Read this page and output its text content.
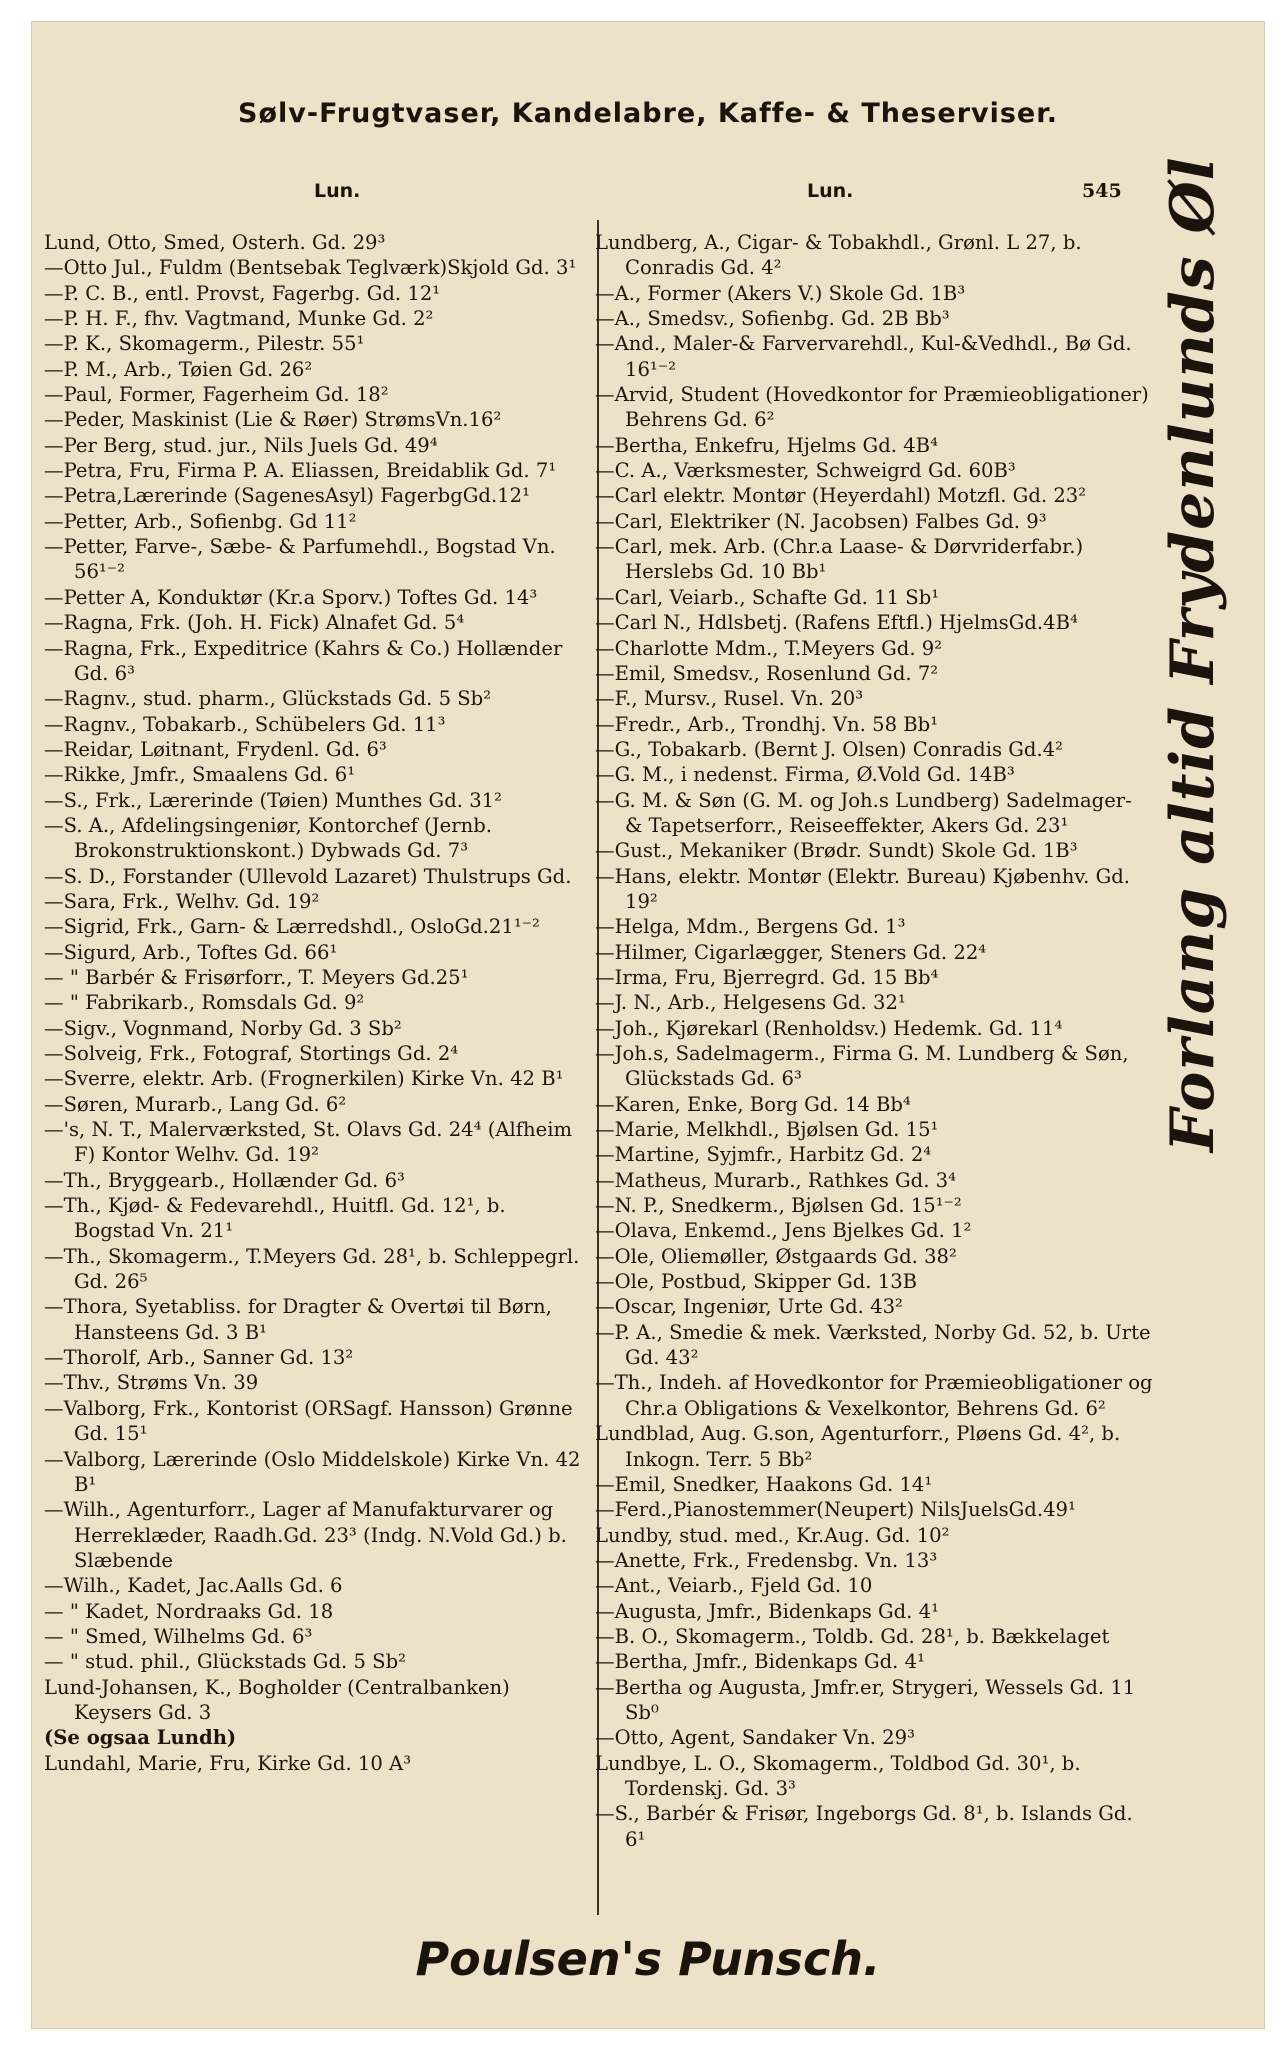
Sølv-Frugtvaser, Kandelabre, Kaffe- & Theserviser.
Lun.	Lun.	545
Lund, Otto, Smed, Osterh. Gd. 29³
—Otto Jul., Fuldm (Bentsebak Teglværk)Skjold Gd. 3¹
—P. C. B., entl. Provst, Fagerbg. Gd. 12¹
—P. H. F., fhv. Vagtmand, Munke Gd. 2²
—P. K., Skomagerm., Pilestr. 55¹
—P. M., Arb., Tøien Gd. 26²
—Paul, Former, Fagerheim Gd. 18²
—Peder, Maskinist (Lie & Røer) StrømsVn.16²
—Per Berg, stud. jur., Nils Juels Gd. 49⁴
—Petra, Fru, Firma P. A. Eliassen, Breidablik Gd. 7¹
—Petra,Lærerinde (SagenesAsyl) FagerbgGd.12¹
—Petter, Arb., Sofienbg. Gd 11²
—Petter, Farve-, Sæbe- & Parfumehdl., Bogstad Vn. 56¹⁻²
—Petter A, Konduktør (Kr.a Sporv.) Toftes Gd. 14³
—Ragna, Frk. (Joh. H. Fick) Alnafet Gd. 5⁴
—Ragna, Frk., Expeditrice (Kahrs & Co.) Hollænder Gd. 6³
—Ragnv., stud. pharm., Glückstads Gd. 5 Sb²
—Ragnv., Tobakarb., Schübelers Gd. 11³
—Reidar, Løitnant, Frydenl. Gd. 6³
—Rikke, Jmfr., Smaalens Gd. 6¹
—S., Frk., Lærerinde (Tøien) Munthes Gd. 31²
—S. A., Afdelingsingeniør, Kontorchef (Jernb. Brokonstruktionskont.) Dybwads Gd. 7³
—S. D., Forstander (Ullevold Lazaret) Thulstrups Gd.
—Sara, Frk., Welhv. Gd. 19²
—Sigrid, Frk., Garn- & Lærredshdl., OsloGd.21¹⁻²
—Sigurd, Arb., Toftes Gd. 66¹
— " Barbér & Frisørforr., T. Meyers Gd.25¹
— " Fabrikarb., Romsdals Gd. 9²
—Sigv., Vognmand, Norby Gd. 3 Sb²
—Solveig, Frk., Fotograf, Stortings Gd. 2⁴
—Sverre, elektr. Arb. (Frognerkilen) Kirke Vn. 42 B¹
—Søren, Murarb., Lang Gd. 6²
—'s, N. T., Malerværksted, St. Olavs Gd. 24⁴ (Alfheim F) Kontor Welhv. Gd. 19²
—Th., Bryggearb., Hollænder Gd. 6³
—Th., Kjød- & Fedevarehdl., Huitfl. Gd. 12¹, b. Bogstad Vn. 21¹
—Th., Skomagerm., T.Meyers Gd. 28¹, b. Schleppegrl. Gd. 26⁵
—Thora, Syetabliss. for Dragter & Overtøi til Børn, Hansteens Gd. 3 B¹
—Thorolf, Arb., Sanner Gd. 13²
—Thv., Strøms Vn. 39
—Valborg, Frk., Kontorist (ORSagf. Hansson) Grønne Gd. 15¹
—Valborg, Lærerinde (Oslo Middelskole) Kirke Vn. 42 B¹
—Wilh., Agenturforr., Lager af Manufakturvarer og Herreklæder, Raadh.Gd. 23³ (Indg. N.Vold Gd.) b. Slæbende
—Wilh., Kadet, Jac.Aalls Gd. 6
— " Kadet, Nordraaks Gd. 18
— " Smed, Wilhelms Gd. 6³
— " stud. phil., Glückstads Gd. 5 Sb²
Lund-Johansen, K., Bogholder (Centralbanken) Keysers Gd. 3
(Se ogsaa Lundh)
Lundahl, Marie, Fru, Kirke Gd. 10 A³
Lundberg, A., Cigar- & Tobakhdl., Grønl. L 27, b. Conradis Gd. 4²
—A., Former (Akers V.) Skole Gd. 1B³
—A., Smedsv., Sofienbg. Gd. 2B Bb³
—And., Maler-& Farvervarehdl., Kul-&Vedhdl., Bø Gd. 16¹⁻²
—Arvid, Student (Hovedkontor for Præmieobligationer) Behrens Gd. 6²
—Bertha, Enkefru, Hjelms Gd. 4B⁴
—C. A., Værksmester, Schweigrd Gd. 60B³
—Carl elektr. Montør (Heyerdahl) Motzfl. Gd. 23²
—Carl, Elektriker (N. Jacobsen) Falbes Gd. 9³
—Carl, mek. Arb. (Chr.a Laase- & Dørvriderfabr.) Herslebs Gd. 10 Bb¹
—Carl, Veiarb., Schafte Gd. 11 Sb¹
—Carl N., Hdlsbetj. (Rafens Eftfl.) HjelmsGd.4B⁴
—Charlotte Mdm., T.Meyers Gd. 9²
—Emil, Smedsv., Rosenlund Gd. 7²
—F., Mursv., Rusel. Vn. 20³
—Fredr., Arb., Trondhj. Vn. 58 Bb¹
—G., Tobakarb. (Bernt J. Olsen) Conradis Gd.4²
—G. M., i nedenst. Firma, Ø.Vold Gd. 14B³
—G. M. & Søn (G. M. og Joh.s Lundberg) Sadelmager- & Tapetserforr., Reiseeffekter, Akers Gd. 23¹
—Gust., Mekaniker (Brødr. Sundt) Skole Gd. 1B³
—Hans, elektr. Montør (Elektr. Bureau) Kjøbenhv. Gd. 19²
—Helga, Mdm., Bergens Gd. 1³
—Hilmer, Cigarlægger, Steners Gd. 22⁴
—Irma, Fru, Bjerregrd. Gd. 15 Bb⁴
—J. N., Arb., Helgesens Gd. 32¹
—Joh., Kjørekarl (Renholdsv.) Hedemk. Gd. 11⁴
—Joh.s, Sadelmagerm., Firma G. M. Lundberg & Søn, Glückstads Gd. 6³
—Karen, Enke, Borg Gd. 14 Bb⁴
—Marie, Melkhdl., Bjølsen Gd. 15¹
—Martine, Syjmfr., Harbitz Gd. 2⁴
—Matheus, Murarb., Rathkes Gd. 3⁴
—N. P., Snedkerm., Bjølsen Gd. 15¹⁻²
—Olava, Enkemd., Jens Bjelkes Gd. 1²
—Ole, Oliemøller, Østgaards Gd. 38²
—Ole, Postbud, Skipper Gd. 13B
—Oscar, Ingeniør, Urte Gd. 43²
—P. A., Smedie & mek. Værksted, Norby Gd. 52, b. Urte Gd. 43²
—Th., Indeh. af Hovedkontor for Præmieobligationer og Chr.a Obligations & Vexelkontor, Behrens Gd. 6²
Lundblad, Aug. G.son, Agenturforr., Pløens Gd. 4², b. Inkogn. Terr. 5 Bb²
—Emil, Snedker, Haakons Gd. 14¹
—Ferd.,Pianostemmer(Neupert) NilsJuelsGd.49¹
Lundby, stud. med., Kr.Aug. Gd. 10²
—Anette, Frk., Fredensbg. Vn. 13³
—Ant., Veiarb., Fjeld Gd. 10
—Augusta, Jmfr., Bidenkaps Gd. 4¹
—B. O., Skomagerm., Toldb. Gd. 28¹, b. Bækkelaget
—Bertha, Jmfr., Bidenkaps Gd. 4¹
—Bertha og Augusta, Jmfr.er, Strygeri, Wessels Gd. 11 Sb⁰
—Otto, Agent, Sandaker Vn. 29³
Lundbye, L. O., Skomagerm., Toldbod Gd. 30¹, b. Tordenskj. Gd. 3³
—S., Barbér & Frisør, Ingeborgs Gd. 8¹, b. Islands Gd. 6¹
Forlang altid Frydenlunds Øl
Poulsen's Punsch.
